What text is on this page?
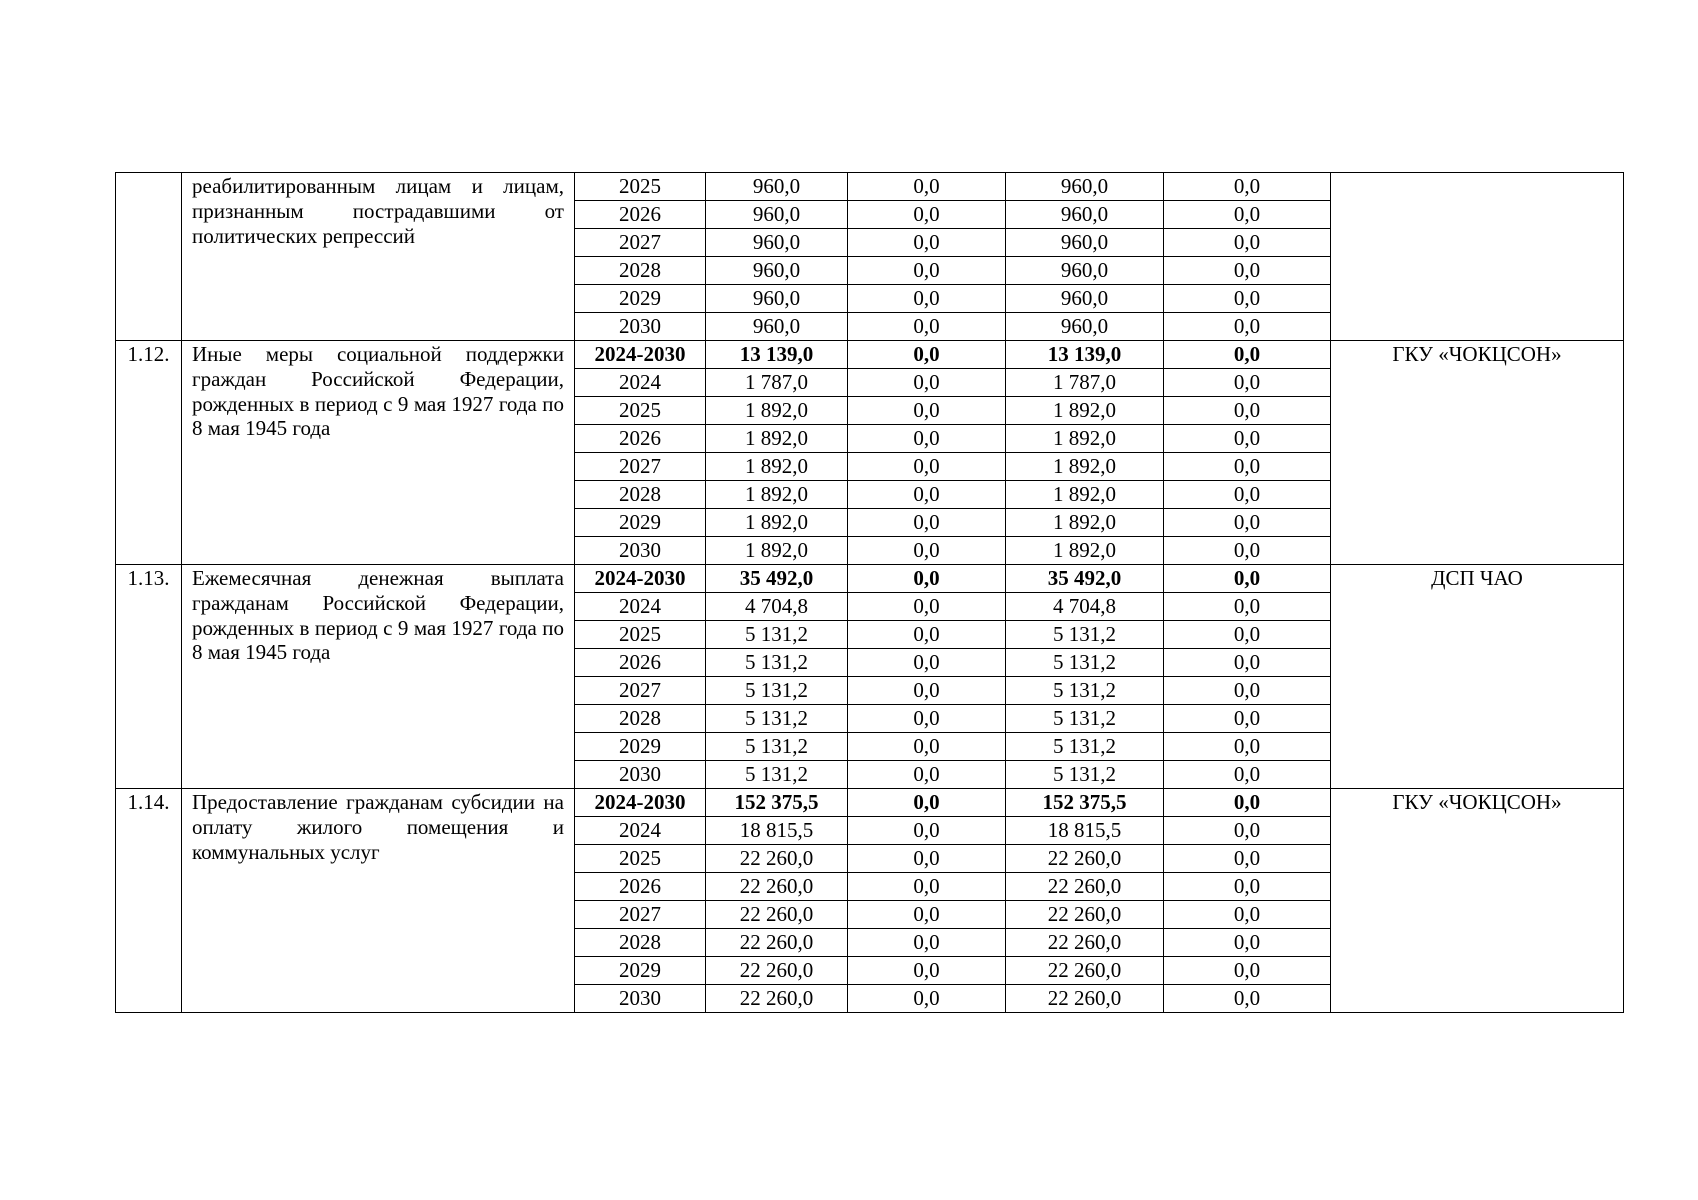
	реабилитированным лицам и лицам, признанным пострадавшими от политических репрессий	2025	960,0	0,0	960,0	0,0	
		2026	960,0	0,0	960,0	0,0	
		2027	960,0	0,0	960,0	0,0	
		2028	960,0	0,0	960,0	0,0	
		2029	960,0	0,0	960,0	0,0	
		2030	960,0	0,0	960,0	0,0	
1.12.	Иные меры социальной поддержки граждан Российской Федерации, рожденных в период с 9 мая 1927 года по 8 мая 1945 года	2024-2030	13 139,0	0,0	13 139,0	0,0	ГКУ «ЧОКЦСОН»
		2024	1 787,0	0,0	1 787,0	0,0	
		2025	1 892,0	0,0	1 892,0	0,0	
		2026	1 892,0	0,0	1 892,0	0,0	
		2027	1 892,0	0,0	1 892,0	0,0	
		2028	1 892,0	0,0	1 892,0	0,0	
		2029	1 892,0	0,0	1 892,0	0,0	
		2030	1 892,0	0,0	1 892,0	0,0	
1.13.	Ежемесячная денежная выплата гражданам Российской Федерации, рожденных в период с 9 мая 1927 года по 8 мая 1945 года	2024-2030	35 492,0	0,0	35 492,0	0,0	ДСП ЧАО
		2024	4 704,8	0,0	4 704,8	0,0	
		2025	5 131,2	0,0	5 131,2	0,0	
		2026	5 131,2	0,0	5 131,2	0,0	
		2027	5 131,2	0,0	5 131,2	0,0	
		2028	5 131,2	0,0	5 131,2	0,0	
		2029	5 131,2	0,0	5 131,2	0,0	
		2030	5 131,2	0,0	5 131,2	0,0	
1.14.	Предоставление гражданам субсидии на оплату жилого помещения и коммунальных услуг	2024-2030	152 375,5	0,0	152 375,5	0,0	ГКУ «ЧОКЦСОН»
		2024	18 815,5	0,0	18 815,5	0,0	
		2025	22 260,0	0,0	22 260,0	0,0	
		2026	22 260,0	0,0	22 260,0	0,0	
		2027	22 260,0	0,0	22 260,0	0,0	
		2028	22 260,0	0,0	22 260,0	0,0	
		2029	22 260,0	0,0	22 260,0	0,0	
		2030	22 260,0	0,0	22 260,0	0,0	
